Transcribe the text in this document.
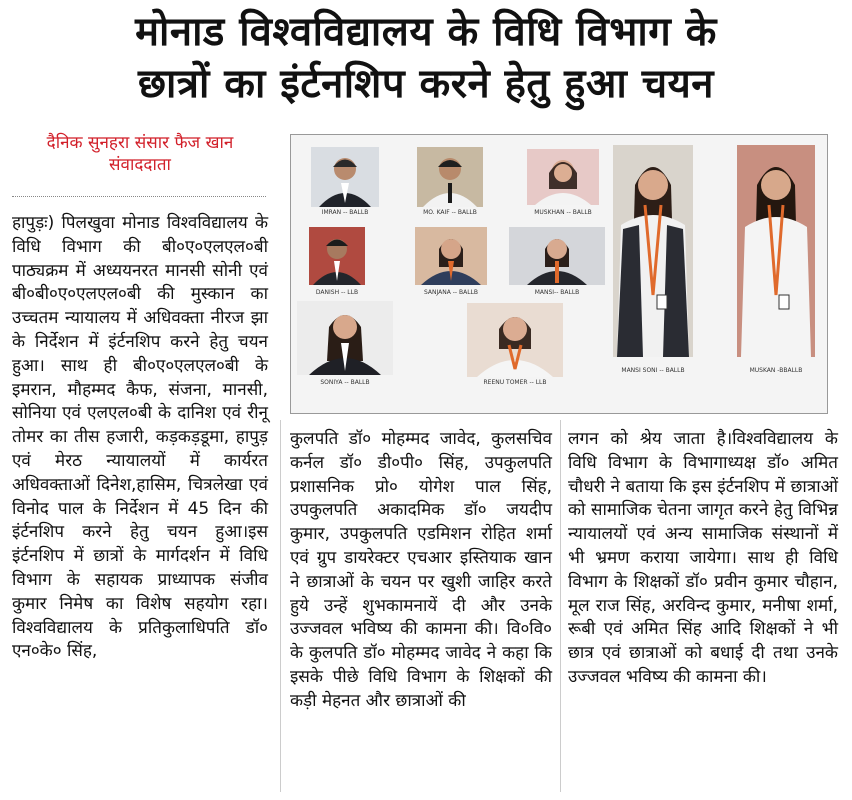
मोनाड विश्वविद्यालय के विधि विभाग के
छात्रों का इंर्टनशिप करने हेतु हुआ चयन
दैनिक सुनहरा संसार फैज खान
संवाददाता

हापुड़ः) पिलखुवा मोनाड विश्वविद्यालय के विधि विभाग की बी०ए०एलएल०बी पाठ्यक्रम में अध्ययनरत मानसी सोनी एवं बी०बी०ए०एलएल०बी की मुस्कान का उच्चतम न्यायालय में अधिवक्ता नीरज झा के निर्देशन में इंर्टनशिप करने हेतु चयन हुआ। साथ ही बी०ए०एलएल०बी के इमरान, मौहम्मद कैफ, संजना, मानसी, सोनिया एवं एलएल०बी के दानिश एवं रीनू तोमर का तीस हजारी, कड़कड़डूमा, हापुड़ एवं मेरठ न्यायालयों में कार्यरत अधिवक्ताओं दिनेश,हासिम, चित्रलेखा एवं विनोद पाल के निर्देशन में 45 दिन की इंर्टनशिप करने हेतु चयन हुआ।इस इंर्टनशिप में छात्रों के मार्गदर्शन में विधि विभाग के सहायक प्राध्यापक संजीव कुमार निमेष का विशेष सहयोग रहा।विश्वविद्यालय के प्रतिकुलाधिपति डॉ० एन०के० सिंह,

IMRAN -- BALLB	MO. KAIF -- BALLB	MUSKHAN -- BALLB
DANISH -- LLB	SANJANA -- BALLB	MANSI-- BALLB
SONIYA -- BALLB	REENU TOMER -- LLB
MANSI SONI -- BALLB	MUSKAN -BBALLB

कुलपति डॉ० मोहम्मद जावेद, कुलसचिव कर्नल डॉ० डी०पी० सिंह, उपकुलपति प्रशासनिक प्रो० योगेश पाल सिंह, उपकुलपति अकादमिक डॉ० जयदीप कुमार, उपकुलपति एडमिशन रोहित शर्मा एवं ग्रुप डायरेक्टर एचआर इस्तियाक खान ने छात्राओं के चयन पर खुशी जाहिर करते हुये उन्हें शुभकामनायें दी और उनके उज्जवल भविष्य की कामना की। वि०वि० के कुलपति डॉ० मोहम्मद जावेद ने कहा कि इसके पीछे विधि विभाग के शिक्षकों की कड़ी मेहनत और छात्राओं की

लगन को श्रेय जाता है।विश्वविद्यालय के विधि विभाग के विभागाध्यक्ष डॉ० अमित चौधरी ने बताया कि इस इंर्टनशिप में छात्राओं को सामाजिक चेतना जागृत करने हेतु विभिन्न न्यायालयों एवं अन्य सामाजिक संस्थानों में भी भ्रमण कराया जायेगा। साथ ही विधि विभाग के शिक्षकों डॉ० प्रवीन कुमार चौहान, मूल राज सिंह, अरविन्द कुमार, मनीषा शर्मा, रूबी एवं अमित सिंह आदि शिक्षकों ने भी छात्र एवं छात्राओं को बधाई दी तथा उनके उज्जवल भविष्य की कामना की।
